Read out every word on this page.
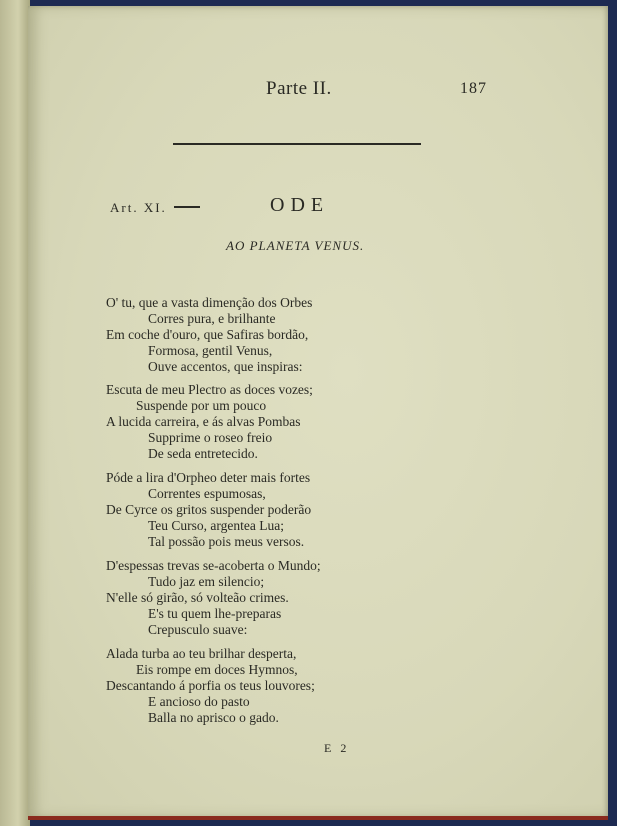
Parte II.	187
Art. XI.	ODE
AO PLANETA VENUS.
O' tu, que a vasta dimenção dos Orbes
Corres pura, e brilhante
Em coche d'ouro, que Safiras bordão,
Formosa, gentil Venus,
Ouve accentos, que inspiras:
Escuta de meu Plectro as doces vozes;
Suspende por um pouco
A lucida carreira, e ás alvas Pombas
Supprime o roseo freio
De seda entretecido.
Póde a lira d'Orpheo deter mais fortes
Correntes espumosas,
De Cyrce os gritos suspender poderão
Teu Curso, argentea Lua;
Tal possão pois meus versos.
D'espessas trevas se-acoberta o Mundo;
Tudo jaz em silencio;
N'elle só girão, só volteão crimes.
E's tu quem lhe-preparas
Crepusculo suave:
Alada turba ao teu brilhar desperta,
Eis rompe em doces Hymnos,
Descantando á porfia os teus louvores;
E ancioso do pasto
Balla no aprisco o gado.
E 2
